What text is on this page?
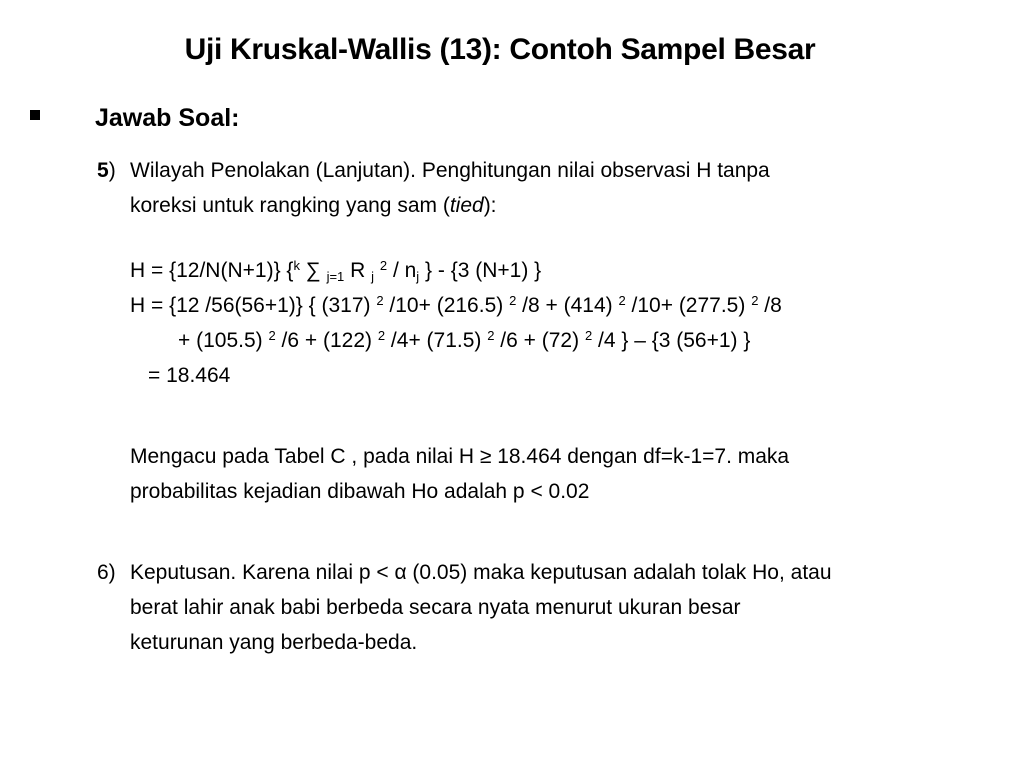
Uji Kruskal-Wallis (13): Contoh Sampel Besar
Jawab Soal:
5) Wilayah Penolakan (Lanjutan). Penghitungan nilai observasi H tanpa
koreksi untuk rangking yang sam (tied):
H = {12/N(N+1)} {$^k$ ∑ $_{j=1}$ R $_j$ $^2 / n_j$ } - {3 (N+1) }
H = {12 /56(56+1)} { (317) $^2$ /10+ (216.5) $^2$ /8 + (414) $^2$ /10+ (277.5) $^2$ /8
+ (105.5) $^2$ /6 + (122) $^2$ /4+ (71.5) $^2$ /6 + (72) $^2$ /4 } – {3 (56+1) }
= 18.464
Mengacu pada Tabel C , pada nilai H ≥ 18.464 dengan df=k-1=7. maka
probabilitas kejadian dibawah Ho adalah p < 0.02
6) Keputusan. Karena nilai p < α (0.05) maka keputusan adalah tolak Ho, atau
berat lahir anak babi berbeda secara nyata menurut ukuran besar
keturunan yang berbeda-beda.
